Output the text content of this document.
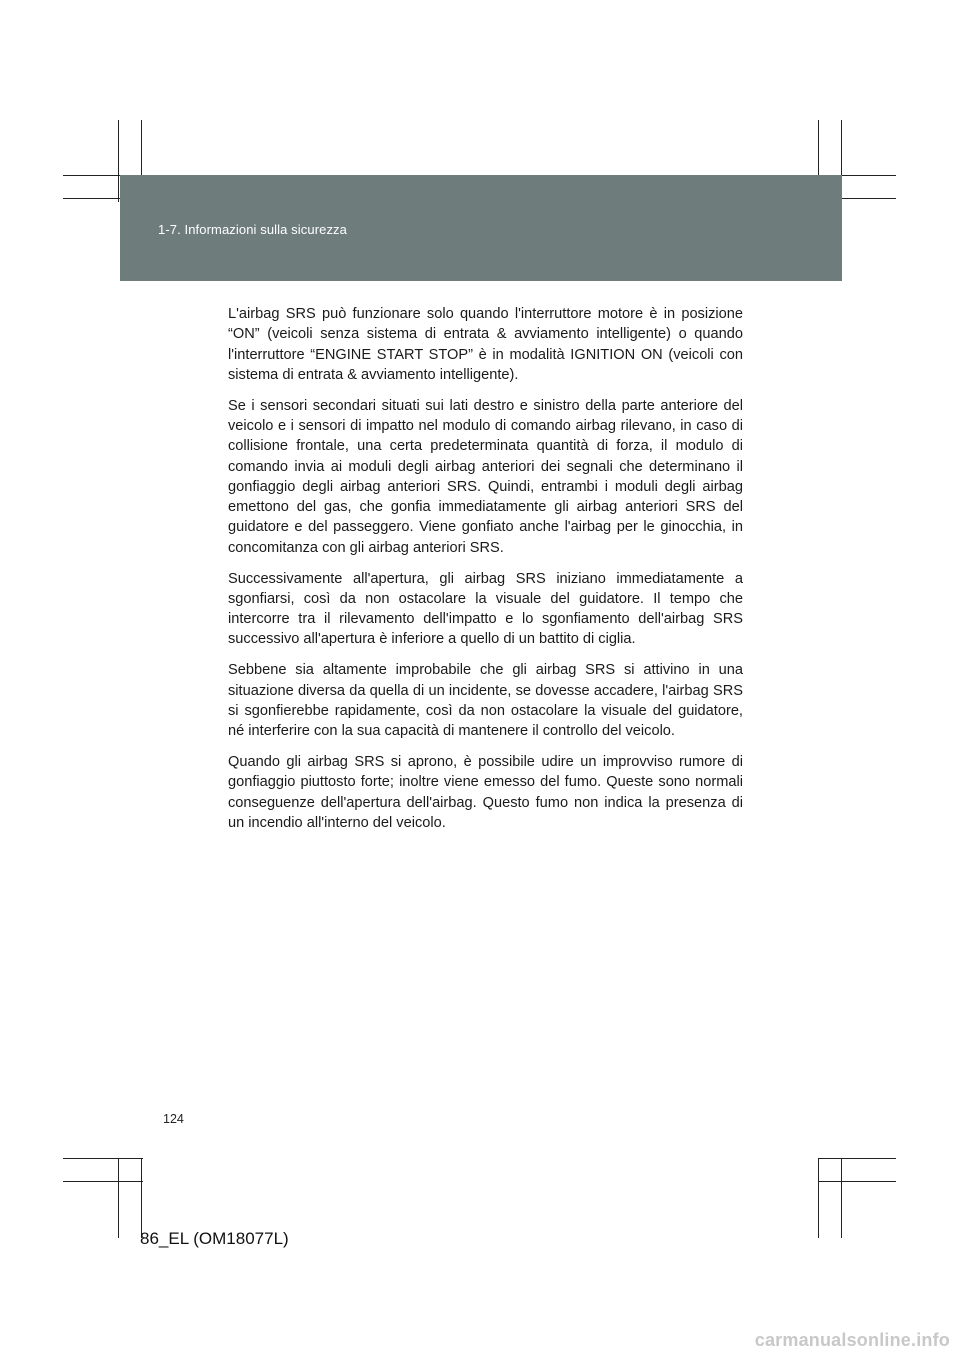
1-7. Informazioni sulla sicurezza

L'airbag SRS può funzionare solo quando l'interruttore motore è in posizione “ON” (veicoli senza sistema di entrata & avviamento intelligente) o quando l'interruttore “ENGINE START STOP” è in modalità IGNITION ON (veicoli con sistema di entrata & avviamento intelligente).

Se i sensori secondari situati sui lati destro e sinistro della parte anteriore del veicolo e i sensori di impatto nel modulo di comando airbag rilevano, in caso di collisione frontale, una certa predeterminata quantità di forza, il modulo di comando invia ai moduli degli airbag anteriori dei segnali che determinano il gonfiaggio degli airbag anteriori SRS. Quindi, entrambi i moduli degli airbag emettono del gas, che gonfia immediatamente gli airbag anteriori SRS del guidatore e del passeggero. Viene gonfiato anche l'airbag per le ginocchia, in concomitanza con gli airbag anteriori SRS.

Successivamente all'apertura, gli airbag SRS iniziano immediatamente a sgonfiarsi, così da non ostacolare la visuale del guidatore. Il tempo che intercorre tra il rilevamento dell'impatto e lo sgonfiamento dell'airbag SRS successivo all'apertura è inferiore a quello di un battito di ciglia.

Sebbene sia altamente improbabile che gli airbag SRS si attivino in una situazione diversa da quella di un incidente, se dovesse accadere, l'airbag SRS si sgonfierebbe rapidamente, così da non ostacolare la visuale del guidatore, né interferire con la sua capacità di mantenere il controllo del veicolo.

Quando gli airbag SRS si aprono, è possibile udire un improvviso rumore di gonfiaggio piuttosto forte; inoltre viene emesso del fumo. Queste sono normali conseguenze dell'apertura dell'airbag. Questo fumo non indica la presenza di un incendio all'interno del veicolo.

124
86_EL (OM18077L)
carmanualsonline.info
